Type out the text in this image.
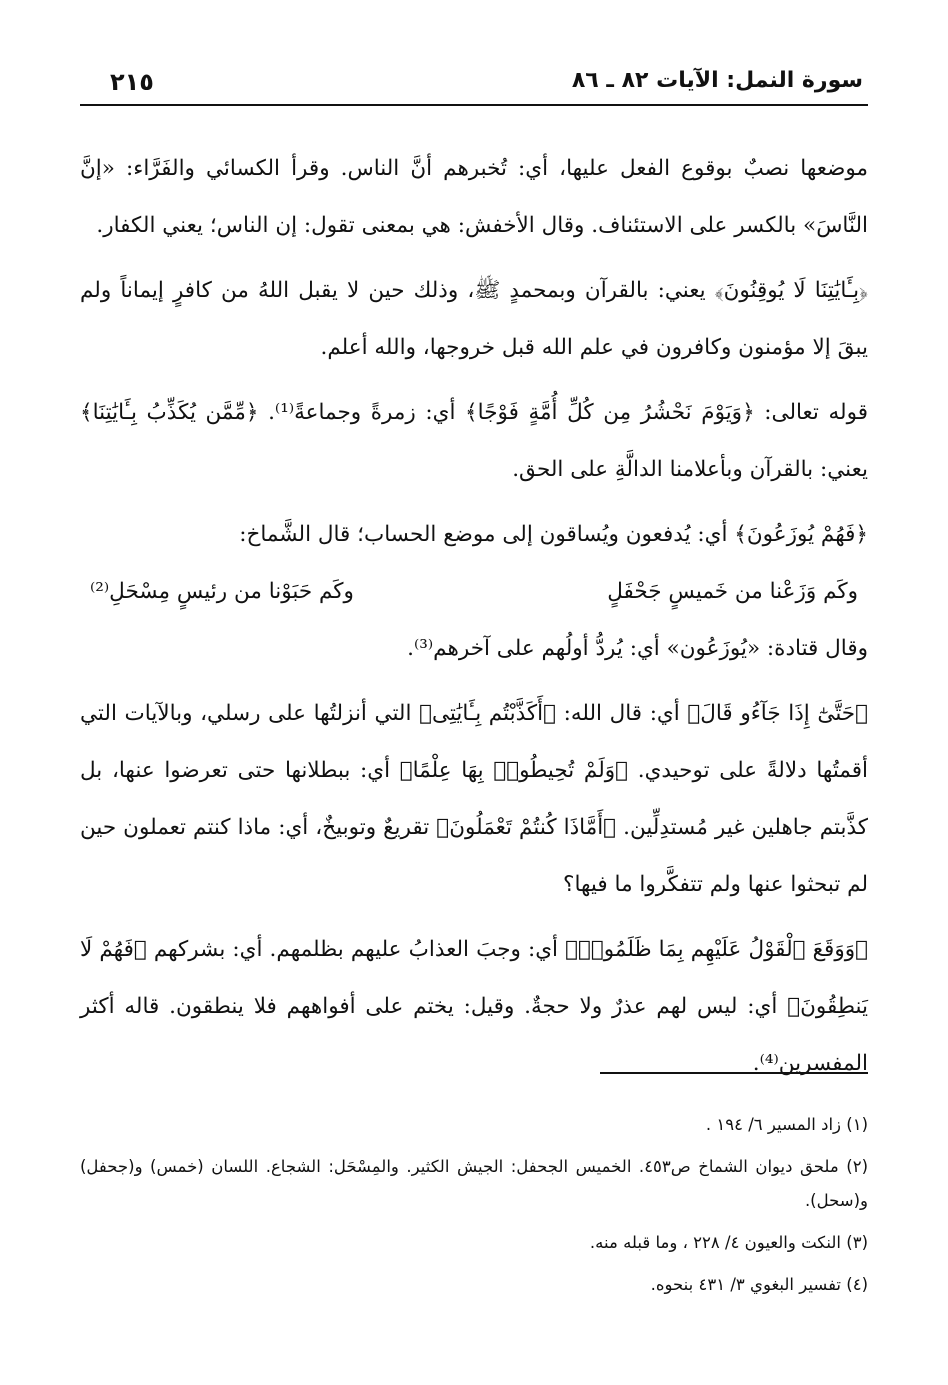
سورة النمل: الآيات ٨٢ ـ ٨٦
٢١٥

موضعها نصبٌ بوقوع الفعل عليها، أي: تُخبرهم أنَّ الناس. وقرأ الكسائي والفَرَّاء: «إنَّ النَّاسَ» بالكسر على الاستئناف. وقال الأخفش: هي بمعنى تقول: إن الناس؛ يعني الكفار.

﴿بِـَٔايَٰتِنَا لَا يُوقِنُونَ﴾ يعني: بالقرآن وبمحمدٍ ﷺ، وذلك حين لا يقبل اللهُ من كافرٍ إيماناً ولم يبقَ إلا مؤمنون وكافرون في علم الله قبل خروجها، والله أعلم.

قوله تعالى: ﴿وَيَوْمَ نَحْشُرُ مِن كُلِّ أُمَّةٍ فَوْجًا﴾ أي: زمرةً وجماعةً⁽¹⁾. ﴿مِّمَّن يُكَذِّبُ بِـَٔايَٰتِنَا﴾ يعني: بالقرآن وبأعلامنا الدالَّةِ على الحق.

﴿فَهُمْ يُوزَعُونَ﴾ أي: يُدفعون ويُساقون إلى موضع الحساب؛ قال الشَّماخ:

وكَم وَزَعْنا من خَميسٍ جَحْفَلٍ
وكَم حَبَوْنا من رئيسٍ مِسْحَلِ⁽²⁾

وقال قتادة: «يُوزَعُون» أي: يُردُّ أولُهم على آخرهم⁽³⁾.

﴿حَتَّىٰٓ إِذَا جَآءُو قَالَ﴾ أي: قال الله: ﴿أَكَذَّبْتُم بِـَٔايَٰتِى﴾ التي أنزلتُها على رسلي، وبالآيات التي أقمتُها دلالةً على توحيدي. ﴿وَلَمْ تُحِيطُوا۟ بِهَا عِلْمًا﴾ أي: ببطلانها حتى تعرضوا عنها، بل كذَّبتم جاهلين غير مُستدِلِّين. ﴿أَمَّاذَا كُنتُمْ تَعْمَلُونَ﴾ تقريعٌ وتوبيخٌ، أي: ماذا كنتم تعملون حين لم تبحثوا عنها ولم تتفكَّروا ما فيها؟

﴿وَوَقَعَ ٱلْقَوْلُ عَلَيْهِم بِمَا ظَلَمُوا۟﴾ أي: وجبَ العذابُ عليهم بظلمهم. أي: بشركهم ﴿فَهُمْ لَا يَنطِقُونَ﴾ أي: ليس لهم عذرٌ ولا حجةٌ. وقيل: يختم على أفواههم فلا ينطقون. قاله أكثر المفسرين⁽⁴⁾.

(١) زاد المسير ٦/ ١٩٤ .

(٢) ملحق ديوان الشماخ ص٤٥٣. الخميس الجحفل: الجيش الكثير. والمِسْحَل: الشجاع. اللسان (خمس) و(جحفل) و(سحل).

(٣) النكت والعيون ٤/ ٢٢٨ ، وما قبله منه.

(٤) تفسير البغوي ٣/ ٤٣١ بنحوه.
